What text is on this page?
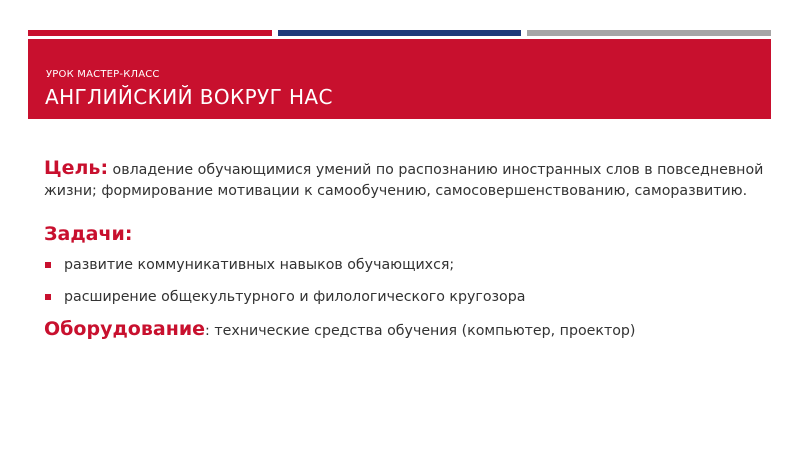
УРОК МАСТЕР-КЛАСС
АНГЛИЙСКИЙ ВОКРУГ НАС

Цель: овладение обучающимися умений по распознанию иностранных слов в повседневной жизни; формирование мотивации к самообучению, самосовершенствованию, саморазвитию.

Задачи:
развитие коммуникативных навыков обучающихся;
расширение общекультурного и филологического кругозора

Оборудование: технические средства обучения (компьютер, проектор)
